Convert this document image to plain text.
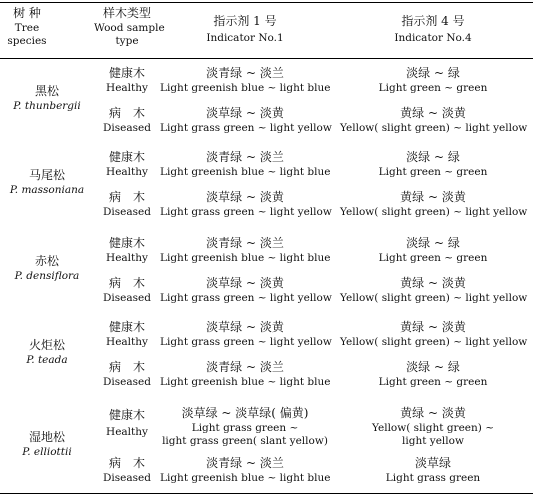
树 种
Tree
species
样木类型
Wood sample
type
指示剂 1 号
Indicator No.1
指示剂 4 号
Indicator No.4
黑松
P. thunbergii
健康木
Healthy
淡青绿 ~ 淡兰
Light greenish blue ~ light blue
淡绿 ~ 绿
Light green ~ green
病　木
Diseased
淡草绿 ~ 淡黄
Light grass green ~ light yellow
黄绿 ~ 淡黄
Yellow( slight green) ~ light yellow
马尾松
P. massoniana
健康木
Healthy
淡青绿 ~ 淡兰
Light greenish blue ~ light blue
淡绿 ~ 绿
Light green ~ green
病　木
Diseased
淡草绿 ~ 淡黄
Light grass green ~ light yellow
黄绿 ~ 淡黄
Yellow( slight green) ~ light yellow
赤松
P. densiflora
健康木
Healthy
淡青绿 ~ 淡兰
Light greenish blue ~ light blue
淡绿 ~ 绿
Light green ~ green
病　木
Diseased
淡草绿 ~ 淡黄
Light grass green ~ light yellow
黄绿 ~ 淡黄
Yellow( slight green) ~ light yellow
火炬松
P. teada
健康木
Healthy
淡草绿 ~ 淡黄
Light grass green ~ light yellow
黄绿 ~ 淡黄
Yellow( slight green) ~ light yellow
病　木
Diseased
淡青绿 ~ 淡兰
Light greenish blue ~ light blue
淡绿 ~ 绿
Light green ~ green
湿地松
P. elliottii
健康木
Healthy
淡草绿 ~ 淡草绿( 偏黄)
Light grass green ~
light grass green( slant yellow)
黄绿 ~ 淡黄
Yellow( slight green) ~
light yellow
病　木
Diseased
淡青绿 ~ 淡兰
Light greenish blue ~ light blue
淡草绿
Light grass green
